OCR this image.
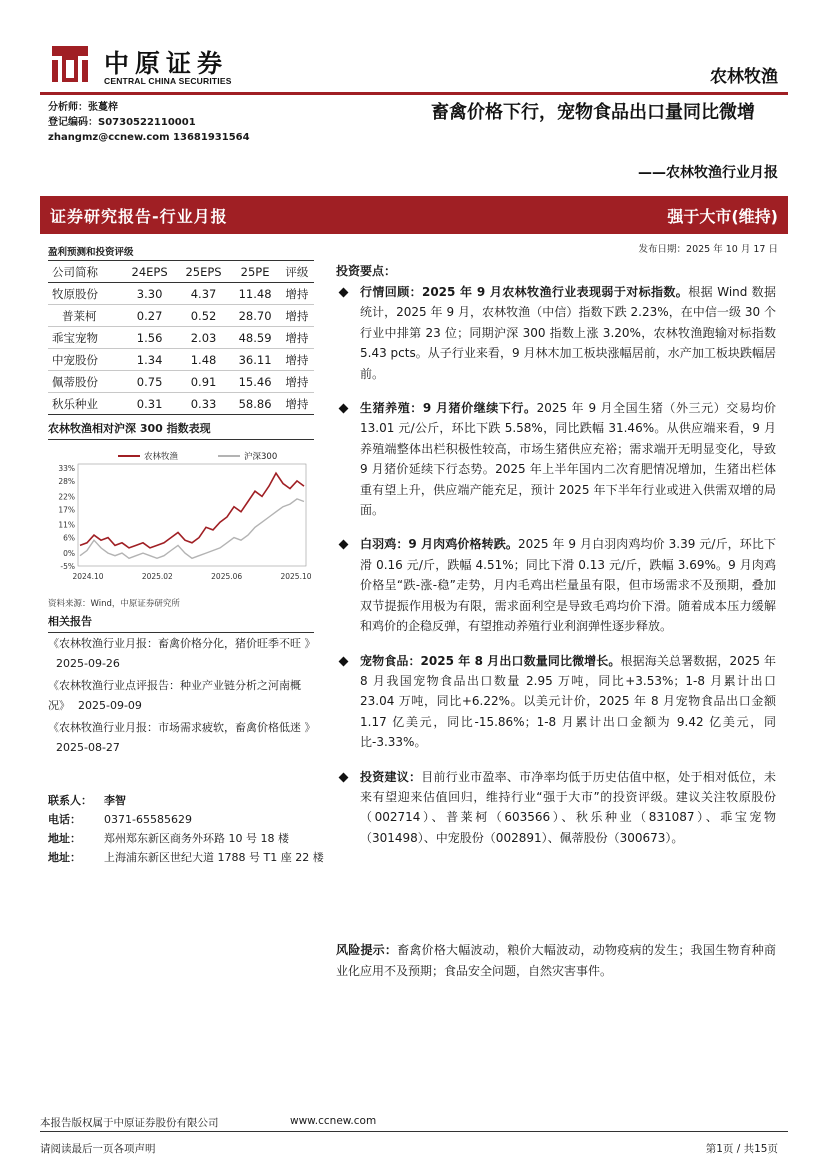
中原证券
CENTRAL CHINA SECURITIES	农林牧渔
分析师：张蔓梓
登记编码：S0730522110001
zhangmz@ccnew.com 13681931564
畜禽价格下行，宠物食品出口量同比微增
——农林牧渔行业月报
证券研究报告-行业月报	强于大市(维持)
发布日期：2025 年 10 月 17 日
盈利预测和投资评级
公司简称	24EPS	25EPS	25PE	评级
牧原股份	3.30	4.37	11.48	增持
普莱柯	0.27	0.52	28.70	增持
乖宝宠物	1.56	2.03	48.59	增持
中宠股份	1.34	1.48	36.11	增持
佩蒂股份	0.75	0.91	15.46	增持
秋乐种业	0.31	0.33	58.86	增持
农林牧渔相对沪深 300 指数表现
33%
28%
22%
17%
11%
6%
0%
-5%
2024.10	2025.02	2025.06	2025.10
农林牧渔	沪深300
资料来源：Wind，中原证券研究所
相关报告
《农林牧渔行业月报：畜禽价格分化，猪价旺季不旺 》2025-09-26
《农林牧渔行业点评报告：种业产业链分析之河南概况》 2025-09-09
《农林牧渔行业月报：市场需求疲软，畜禽价格低迷 》2025-08-27
联系人：	李智
电话：	0371-65585629
地址：	郑州郑东新区商务外环路 10 号 18 楼
地址：	上海浦东新区世纪大道 1788 号 T1 座 22 楼
投资要点：
行情回顾：2025 年 9 月农林牧渔行业表现弱于对标指数。根据 Wind 数据统计，2025 年 9 月，农林牧渔（中信）指数下跌 2.23%，在中信一级 30 个行业中排第 23 位；同期沪深 300 指数上涨 3.20%，农林牧渔跑输对标指数 5.43 pcts。从子行业来看，9 月林木加工板块涨幅居前，水产加工板块跌幅居前。
生猪养殖：9 月猪价继续下行。2025 年 9 月全国生猪（外三元）交易均价 13.01 元/公斤，环比下跌 5.58%，同比跌幅 31.46%。从供应端来看，9 月养殖端整体出栏积极性较高，市场生猪供应充裕；需求端开无明显变化，导致 9 月猪价延续下行态势。2025 年上半年国内二次育肥情况增加，生猪出栏体重有望上升，供应端产能充足，预计 2025 年下半年行业或进入供需双增的局面。
白羽鸡：9 月肉鸡价格转跌。2025 年 9 月白羽肉鸡均价 3.39 元/斤，环比下滑 0.16 元/斤，跌幅 4.51%；同比下滑 0.13 元/斤，跌幅 3.69%。9 月肉鸡价格呈“跌-涨-稳”走势，月内毛鸡出栏量虽有限，但市场需求不及预期，叠加双节提振作用极为有限，需求面利空是导致毛鸡均价下滑。随着成本压力缓解和鸡价的企稳反弹，有望推动养殖行业利润弹性逐步释放。
宠物食品：2025 年 8 月出口数量同比微增长。根据海关总署数据，2025 年 8 月我国宠物食品出口数量 2.95 万吨，同比+3.53%；1-8 月累计出口 23.04 万吨，同比+6.22%。以美元计价，2025 年 8 月宠物食品出口金额 1.17 亿美元，同比-15.86%；1-8 月累计出口金额为 9.42 亿美元，同比-3.33%。
投资建议：目前行业市盈率、市净率均低于历史估值中枢，处于相对低位，未来有望迎来估值回归，维持行业“强于大市”的投资评级。建议关注牧原股份（002714）、普莱柯（603566）、秋乐种业（831087）、乖宝宠物（301498）、中宠股份（002891）、佩蒂股份（300673）。
风险提示：畜禽价格大幅波动，粮价大幅波动，动物疫病的发生；我国生物育种商业化应用不及预期；食品安全问题，自然灾害事件。
本报告版权属于中原证券股份有限公司	www.ccnew.com
请阅读最后一页各项声明	第1页 / 共15页
